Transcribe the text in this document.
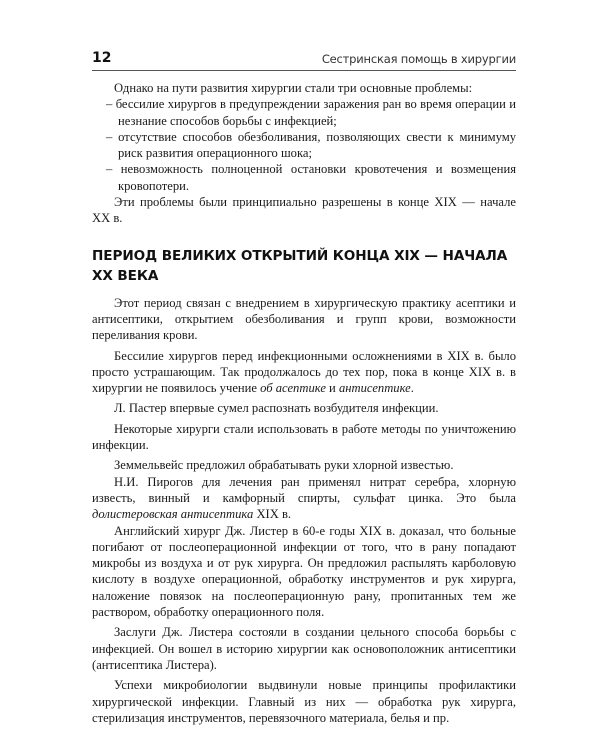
12	Сестринская помощь в хирургии

Однако на пути развития хирургии стали три основные проблемы:

– бессилие хирургов в предупреждении заражения ран во время операции и незнание способов борьбы с инфекцией;
– отсутствие способов обезболивания, позволяющих свести к минимуму риск развития операционного шока;
– невозможность полноценной остановки кровотечения и возмещения кровопотери.

Эти проблемы были принципиально разрешены в конце XIX — начале XX в.

ПЕРИОД ВЕЛИКИХ ОТКРЫТИЙ КОНЦА XIX — НАЧАЛА XX ВЕКА

Этот период связан с внедрением в хирургическую практику асептики и антисептики, открытием обезболивания и групп крови, возможности переливания крови.

Бессилие хирургов перед инфекционными осложнениями в XIX в. было просто устрашающим. Так продолжалось до тех пор, пока в конце XIX в. в хирургии не появилось учение об асептике и антисептике.

Л. Пастер впервые сумел распознать возбудителя инфекции.

Некоторые хирурги стали использовать в работе методы по уничтожению инфекции.

Земмельвейс предложил обрабатывать руки хлорной известью.

Н.И. Пирогов для лечения ран применял нитрат серебра, хлорную известь, винный и камфорный спирты, сульфат цинка. Это была долистеровская антисептика XIX в.

Английский хирург Дж. Листер в 60-е годы XIX в. доказал, что больные погибают от послеоперационной инфекции от того, что в рану попадают микробы из воздуха и от рук хирурга. Он предложил распылять карболовую кислоту в воздухе операционной, обработку инструментов и рук хирурга, наложение повязок на послеоперационную рану, пропитанных тем же раствором, обработку операционного поля.

Заслуги Дж. Листера состояли в создании цельного способа борьбы с инфекцией. Он вошел в историю хирургии как основоположник антисептики (антисептика Листера).

Успехи микробиологии выдвинули новые принципы профилактики хирургической инфекции. Главный из них — обработка рук хирурга, стерилизация инструментов, перевязочного материала, белья и пр.
